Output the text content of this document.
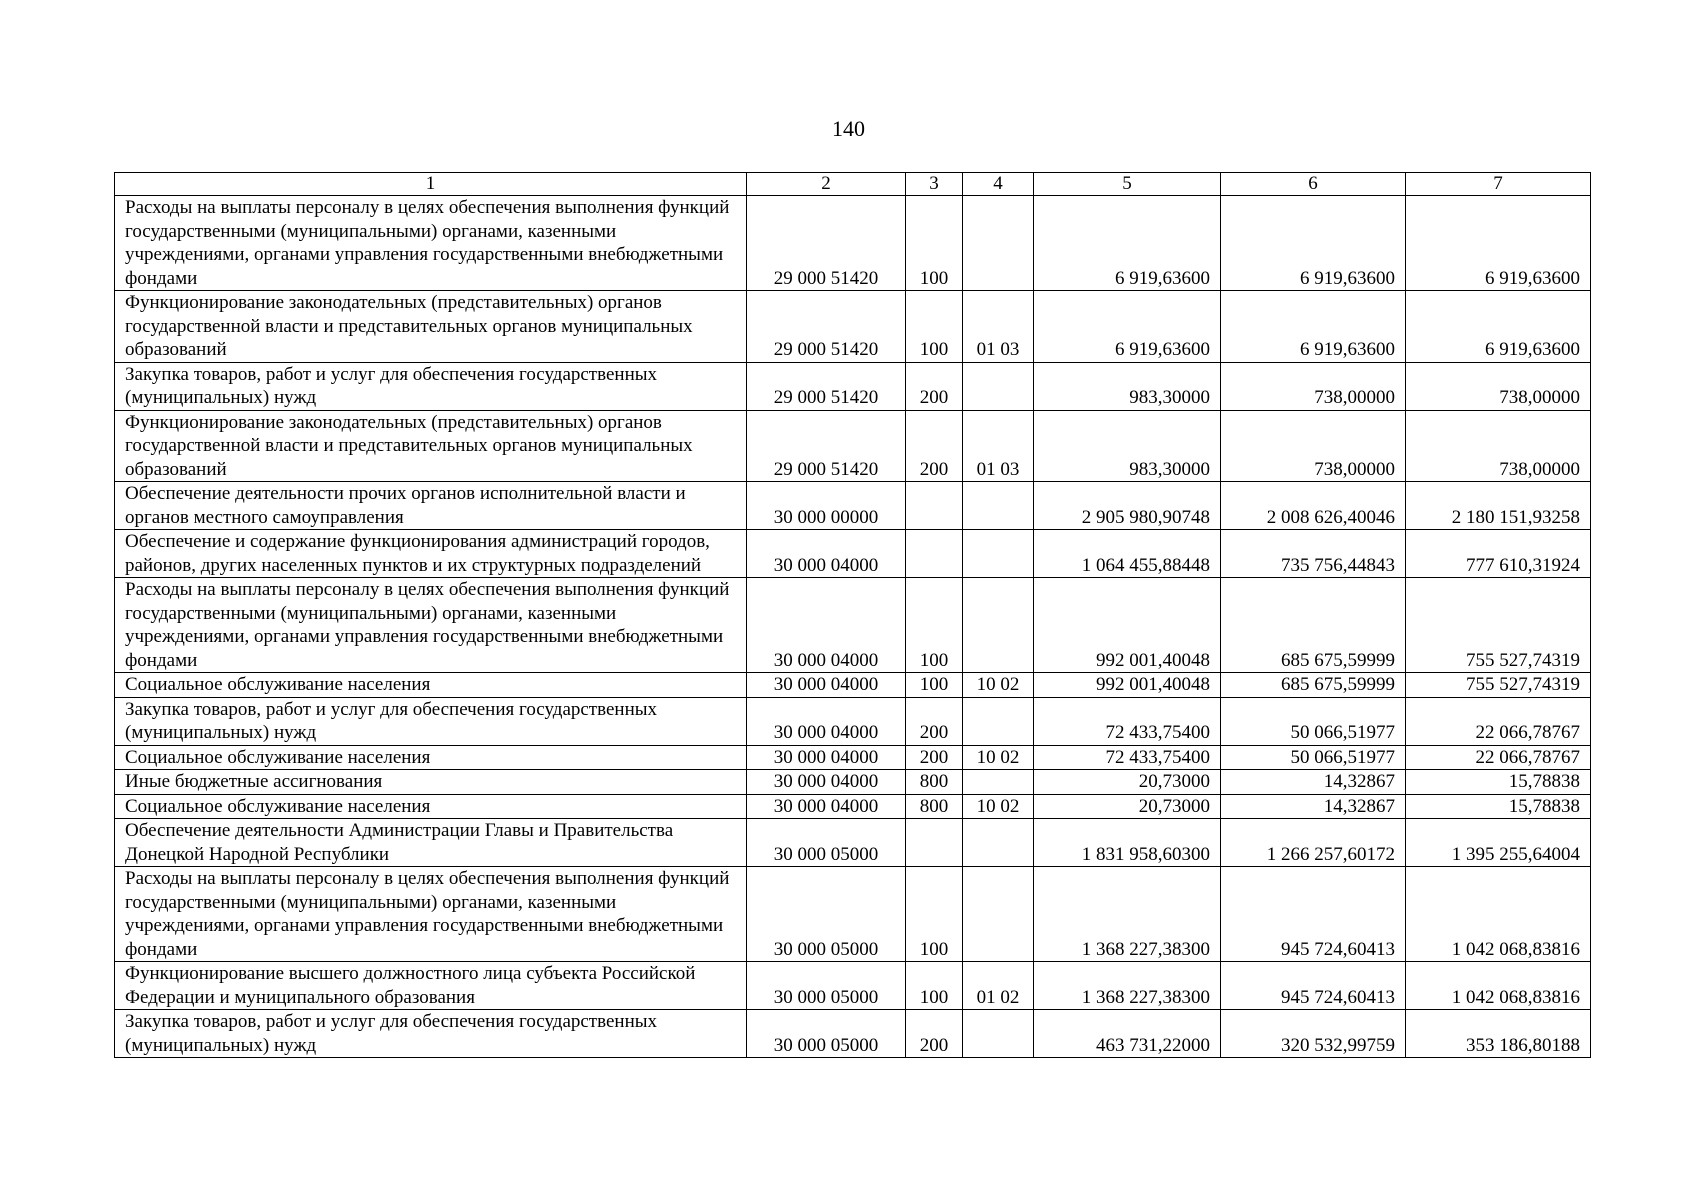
140
1	2	3	4	5	6	7
Расходы на выплаты персоналу в целях обеспечения выполнения функций государственными (муниципальными) органами, казенными учреждениями, органами управления государственными внебюджетными фондами	29 000 51420	100		6 919,63600	6 919,63600	6 919,63600
Функционирование законодательных (представительных) органов государственной власти и представительных органов муниципальных образований	29 000 51420	100	01 03	6 919,63600	6 919,63600	6 919,63600
Закупка товаров, работ и услуг для обеспечения государственных (муниципальных) нужд	29 000 51420	200		983,30000	738,00000	738,00000
Функционирование законодательных (представительных) органов государственной власти и представительных органов муниципальных образований	29 000 51420	200	01 03	983,30000	738,00000	738,00000
Обеспечение деятельности прочих органов исполнительной власти и органов местного самоуправления	30 000 00000			2 905 980,90748	2 008 626,40046	2 180 151,93258
Обеспечение и содержание функционирования администраций городов, районов, других населенных пунктов и их структурных подразделений	30 000 04000			1 064 455,88448	735 756,44843	777 610,31924
Расходы на выплаты персоналу в целях обеспечения выполнения функций государственными (муниципальными) органами, казенными учреждениями, органами управления государственными внебюджетными фондами	30 000 04000	100		992 001,40048	685 675,59999	755 527,74319
Социальное обслуживание населения	30 000 04000	100	10 02	992 001,40048	685 675,59999	755 527,74319
Закупка товаров, работ и услуг для обеспечения государственных (муниципальных) нужд	30 000 04000	200		72 433,75400	50 066,51977	22 066,78767
Социальное обслуживание населения	30 000 04000	200	10 02	72 433,75400	50 066,51977	22 066,78767
Иные бюджетные ассигнования	30 000 04000	800		20,73000	14,32867	15,78838
Социальное обслуживание населения	30 000 04000	800	10 02	20,73000	14,32867	15,78838
Обеспечение деятельности Администрации Главы и Правительства Донецкой Народной Республики	30 000 05000			1 831 958,60300	1 266 257,60172	1 395 255,64004
Расходы на выплаты персоналу в целях обеспечения выполнения функций государственными (муниципальными) органами, казенными учреждениями, органами управления государственными внебюджетными фондами	30 000 05000	100		1 368 227,38300	945 724,60413	1 042 068,83816
Функционирование высшего должностного лица субъекта Российской Федерации и муниципального образования	30 000 05000	100	01 02	1 368 227,38300	945 724,60413	1 042 068,83816
Закупка товаров, работ и услуг для обеспечения государственных (муниципальных) нужд	30 000 05000	200		463 731,22000	320 532,99759	353 186,80188
